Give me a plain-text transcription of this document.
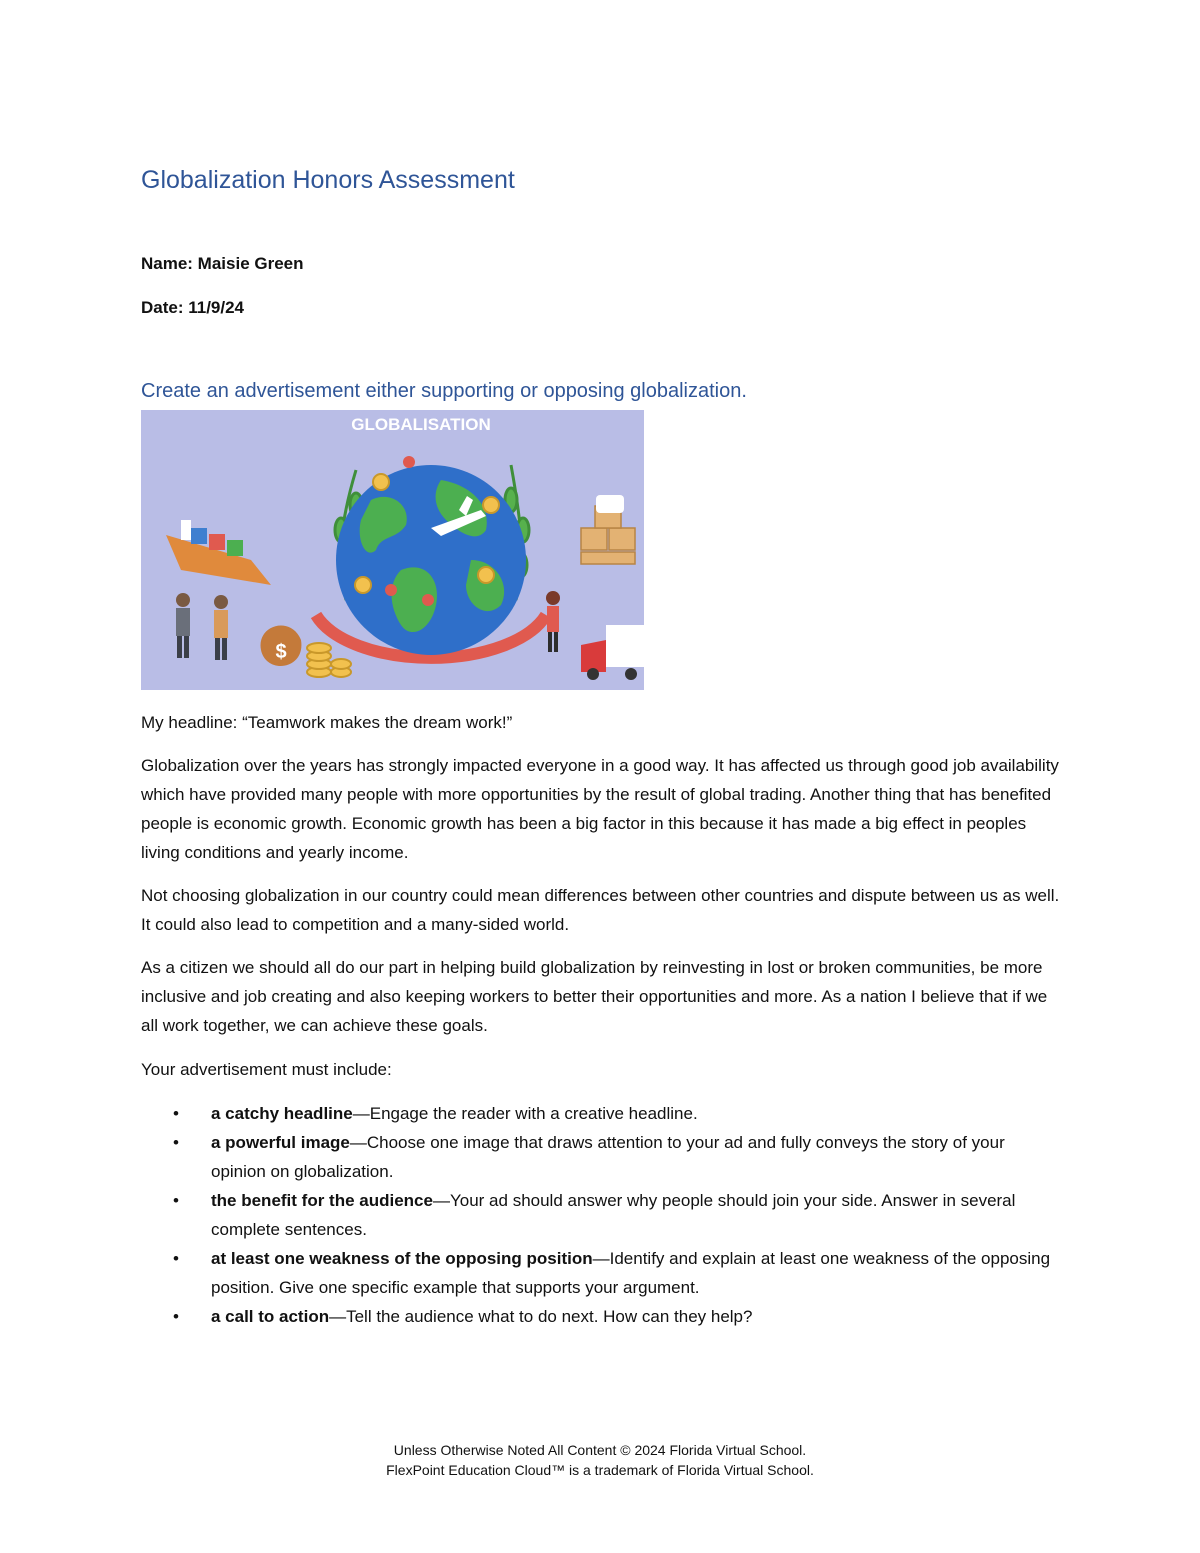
Globalization Honors Assessment

Name: Maisie Green

Date: 11/9/24

Create an advertisement either supporting or opposing globalization.
GLOBALISATION
$

My headline: “Teamwork makes the dream work!”

Globalization over the years has strongly impacted everyone in a good way. It has affected us through good job availability which have provided many people with more opportunities by the result of global trading. Another thing that has benefited people is economic growth. Economic growth has been a big factor in this because it has made a big effect in peoples living conditions and yearly income.

Not choosing globalization in our country could mean differences between other countries and dispute between us as well. It could also lead to competition and a many-sided world.

As a citizen we should all do our part in helping build globalization by reinvesting in lost or broken communities, be more inclusive and job creating and also keeping workers to better their opportunities and more. As a nation I believe that if we all work together, we can achieve these goals.

Your advertisement must include:

• a catchy headline—Engage the reader with a creative headline.
• a powerful image—Choose one image that draws attention to your ad and fully conveys the story of your opinion on globalization.
• the benefit for the audience—Your ad should answer why people should join your side. Answer in several complete sentences.
• at least one weakness of the opposing position—Identify and explain at least one weakness of the opposing position. Give one specific example that supports your argument.
• a call to action—Tell the audience what to do next. How can they help?
Unless Otherwise Noted All Content © 2024 Florida Virtual School.
FlexPoint Education Cloud™ is a trademark of Florida Virtual School.
